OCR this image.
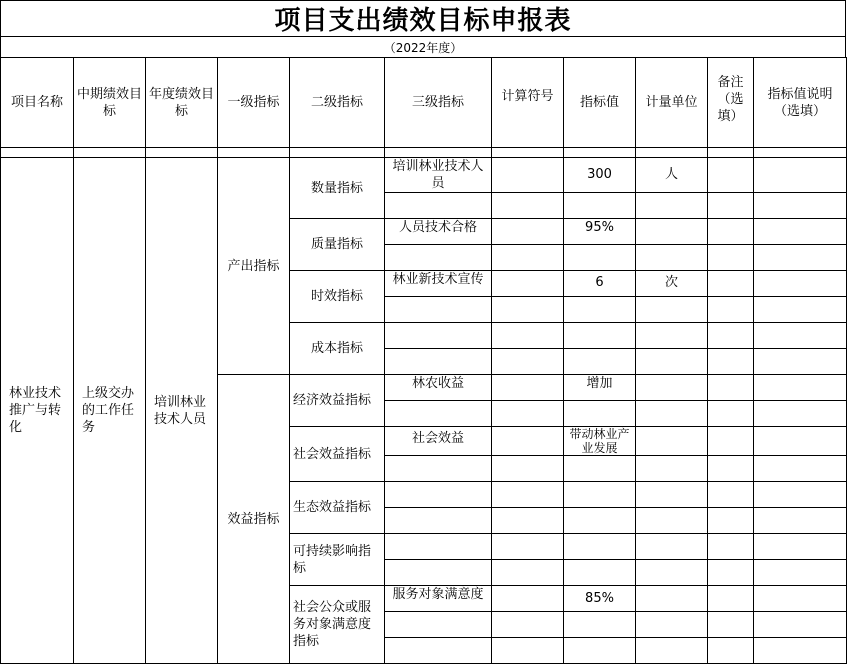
项目支出绩效目标申报表
（2022年度）
项目名称	中期绩效目标	年度绩效目标	一级指标	二级指标	三级指标	计算符号	指标值	计量单位	备注（选填）	指标值说明（选填）

林业技术推广与转化	上级交办的工作任务	培训林业技术人员	产出指标	数量指标	培训林业技术人员		300	人		

				质量指标	人员技术合格		95%			

				时效指标	林业新技术宣传		6	次		

				成本指标						

			效益指标	经济效益指标	林农收益		增加			

				社会效益指标	社会效益		带动林业产业发展			

				生态效益指标						

				可持续影响指标						

				社会公众或服务对象满意度指标	服务对象满意度		85%			
